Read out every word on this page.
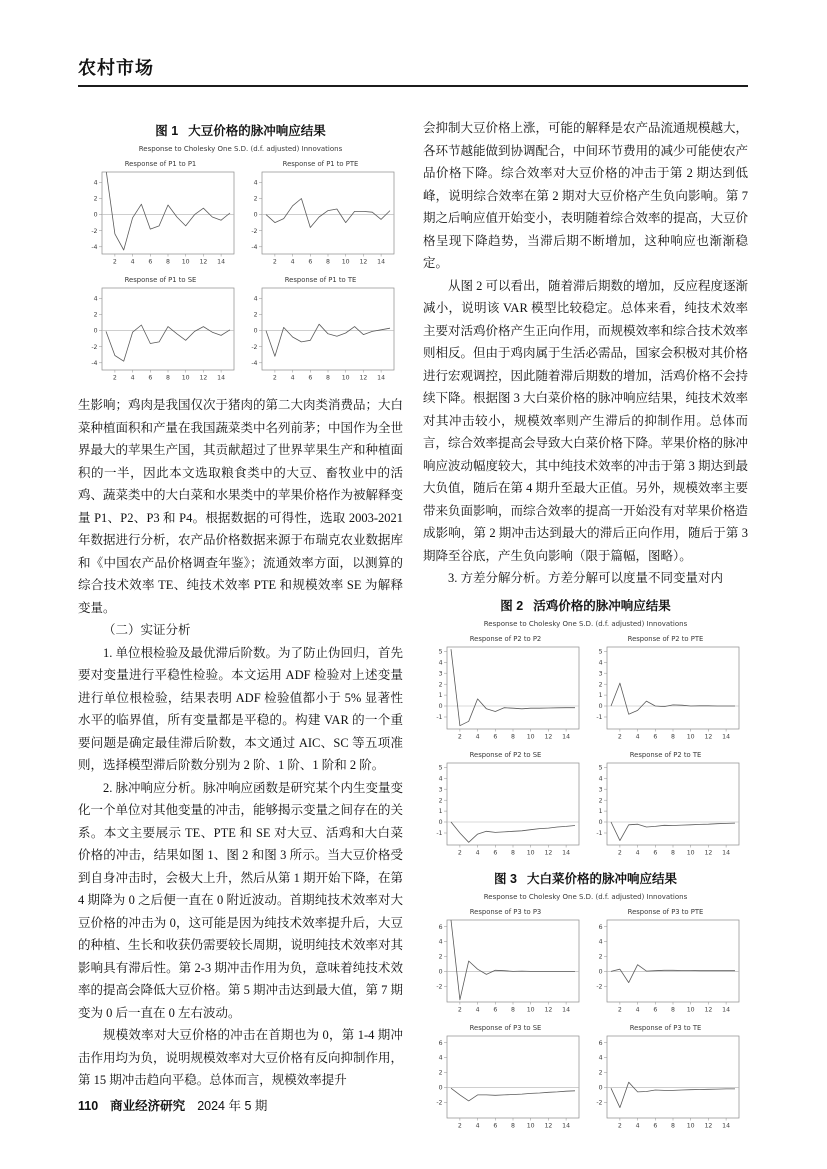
农村市场
图 1 大豆价格的脉冲响应结果
Response to Cholesky One S.D. (d.f. adjusted) Innovations
Response of P1 to P1
4
2
0
-2
-4
2 4 6 8 10 12 14
Response of P1 to PTE
4
2
0
-2
-4
2 4 6 8 10 12 14
Response of P1 to SE
4
2
0
-2
-4
2 4 6 8 10 12 14
Response of P1 to TE
4
2
0
-2
-4
2 4 6 8 10 12 14

生影响；鸡肉是我国仅次于猪肉的第二大肉类消费品；大白菜种植面积和产量在我国蔬菜类中名列前茅；中国作为全世界最大的苹果生产国，其贡献超过了世界苹果生产和种植面积的一半，因此本文选取粮食类中的大豆、畜牧业中的活鸡、蔬菜类中的大白菜和水果类中的苹果价格作为被解释变量 P1、P2、P3 和 P4。根据数据的可得性，选取 2003-2021 年数据进行分析，农产品价格数据来源于布瑞克农业数据库和《中国农产品价格调查年鉴》；流通效率方面，以测算的综合技术效率 TE、纯技术效率 PTE 和规模效率 SE 为解释变量。

（二）实证分析

1. 单位根检验及最优滞后阶数。为了防止伪回归，首先要对变量进行平稳性检验。本文运用 ADF 检验对上述变量进行单位根检验，结果表明 ADF 检验值都小于 5% 显著性水平的临界值，所有变量都是平稳的。构建 VAR 的一个重要问题是确定最佳滞后阶数，本文通过 AIC、SC 等五项准则，选择模型滞后阶数分别为 2 阶、1 阶、1 阶和 2 阶。

2. 脉冲响应分析。脉冲响应函数是研究某个内生变量变化一个单位对其他变量的冲击，能够揭示变量之间存在的关系。本文主要展示 TE、PTE 和 SE 对大豆、活鸡和大白菜价格的冲击，结果如图 1、图 2 和图 3 所示。当大豆价格受到自身冲击时，会极大上升，然后从第 1 期开始下降，在第 4 期降为 0 之后便一直在 0 附近波动。首期纯技术效率对大豆价格的冲击为 0，这可能是因为纯技术效率提升后，大豆的种植、生长和收获仍需要较长周期，说明纯技术效率对其影响具有滞后性。第 2-3 期冲击作用为负，意味着纯技术效率的提高会降低大豆价格。第 5 期冲击达到最大值，第 7 期变为 0 后一直在 0 左右波动。

规模效率对大豆价格的冲击在首期也为 0，第 1-4 期冲击作用均为负，说明规模效率对大豆价格有反向抑制作用，第 15 期冲击趋向平稳。总体而言，规模效率提升

会抑制大豆价格上涨，可能的解释是农产品流通规模越大，各环节越能做到协调配合，中间环节费用的减少可能使农产品价格下降。综合效率对大豆价格的冲击于第 2 期达到低峰，说明综合效率在第 2 期对大豆价格产生负向影响。第 7 期之后响应值开始变小，表明随着综合效率的提高，大豆价格呈现下降趋势，当滞后期不断增加，这种响应也渐渐稳定。

从图 2 可以看出，随着滞后期数的增加，反应程度逐渐减小，说明该 VAR 模型比较稳定。总体来看，纯技术效率主要对活鸡价格产生正向作用，而规模效率和综合技术效率则相反。但由于鸡肉属于生活必需品，国家会积极对其价格进行宏观调控，因此随着滞后期数的增加，活鸡价格不会持续下降。根据图 3 大白菜价格的脉冲响应结果，纯技术效率对其冲击较小，规模效率则产生滞后的抑制作用。总体而言，综合效率提高会导致大白菜价格下降。苹果价格的脉冲响应波动幅度较大，其中纯技术效率的冲击于第 3 期达到最大负值，随后在第 4 期升至最大正值。另外，规模效率主要带来负面影响，而综合效率的提高一开始没有对苹果价格造成影响，第 2 期冲击达到最大的滞后正向作用，随后于第 3 期降至谷底，产生负向影响（限于篇幅，图略）。

3. 方差分解分析。方差分解可以度量不同变量对内

图 2 活鸡价格的脉冲响应结果
Response to Cholesky One S.D. (d.f. adjusted) Innovations
Response of P2 to P2
5
4
3
2
1
0
-1
2 4 6 8 10 12 14
Response of P2 to PTE
5
4
3
2
1
0
-1
2 4 6 8 10 12 14
Response of P2 to SE
5
4
3
2
1
0
-1
2 4 6 8 10 12 14
Response of P2 to TE
5
4
3
2
1
0
-1
2 4 6 8 10 12 14
图 3 大白菜价格的脉冲响应结果
Response to Cholesky One S.D. (d.f. adjusted) Innovations
Response of P3 to P3
6
4
2
0
-2
2 4 6 8 10 12 14
Response of P3 to PTE
6
4
2
0
-2
2 4 6 8 10 12 14
Response of P3 to SE
6
4
2
0
-2
2 4 6 8 10 12 14
Response of P3 to TE
6
4
2
0
-2
2 4 6 8 10 12 14
110 商业经济研究 2024 年 5 期
